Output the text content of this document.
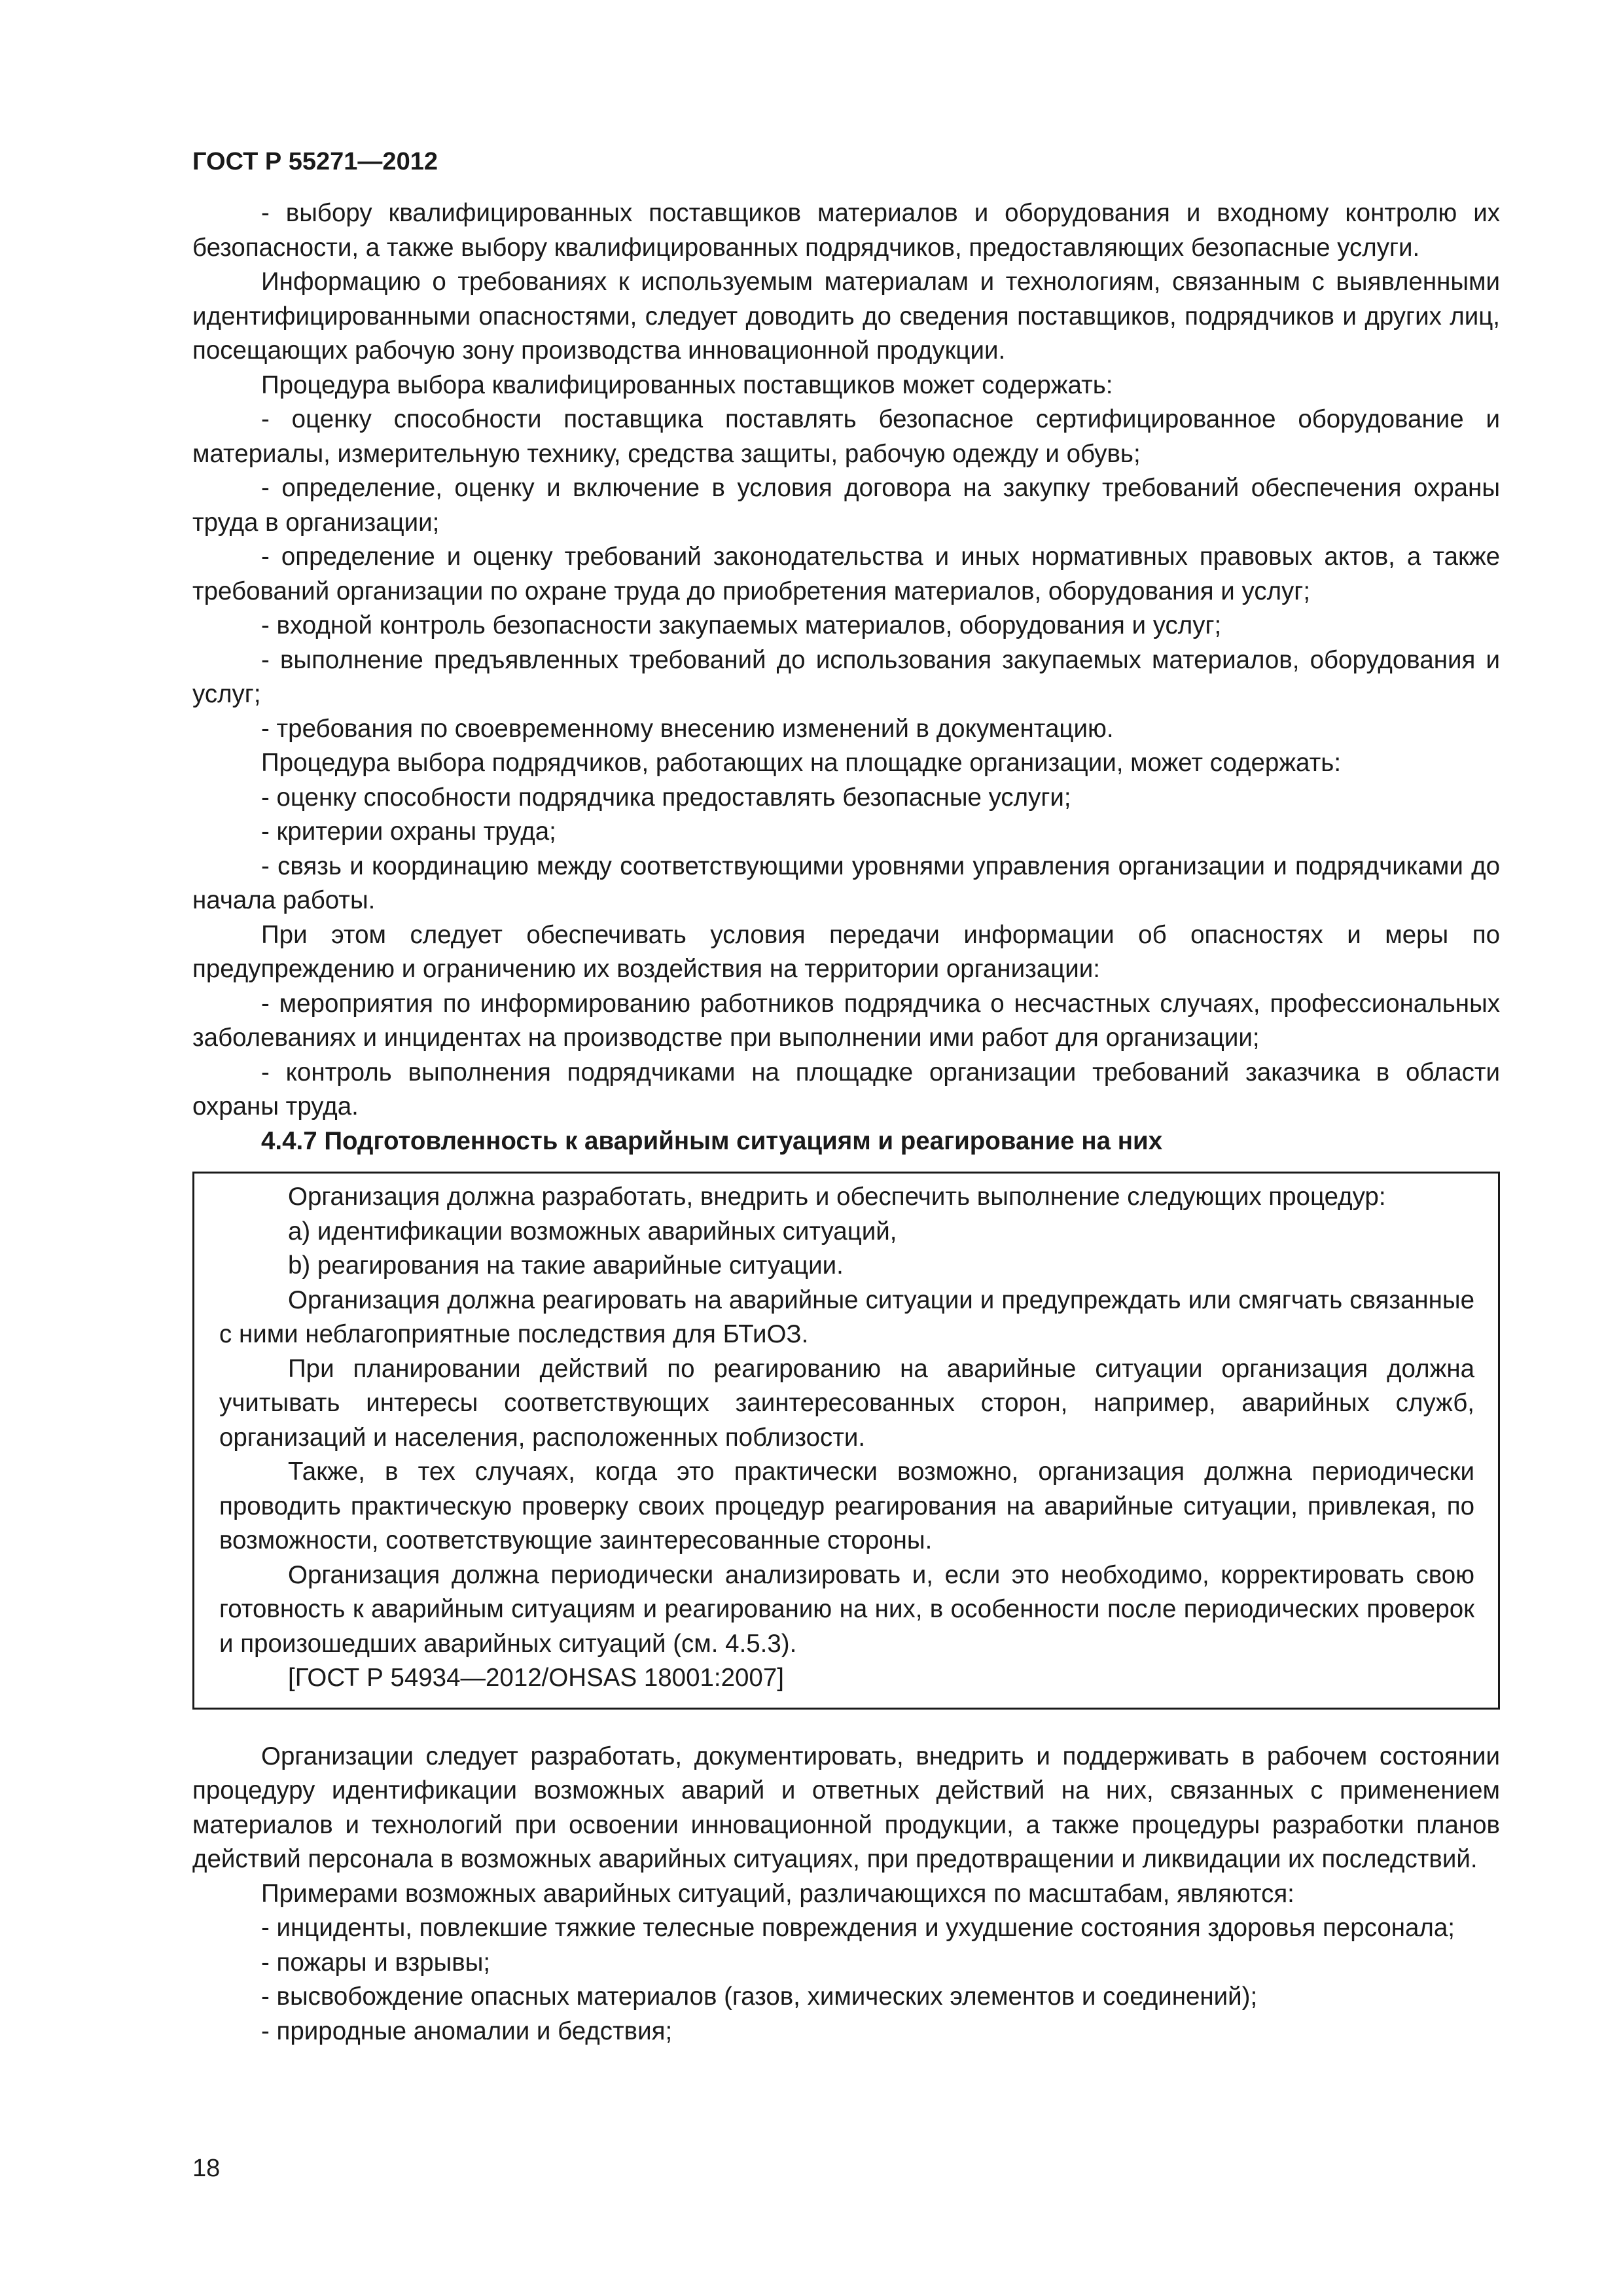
ГОСТ Р 55271—2012

- выбору квалифицированных поставщиков материалов и оборудования и входному контролю их безопасности, а также выбору квалифицированных подрядчиков, предоставляющих безопасные услуги.

Информацию о требованиях к используемым материалам и технологиям, связанным с выявленными идентифицированными опасностями, следует доводить до сведения поставщиков, подрядчиков и других лиц, посещающих рабочую зону производства инновационной продукции.

Процедура выбора квалифицированных поставщиков может содержать:

- оценку способности поставщика поставлять безопасное сертифицированное оборудование и материалы, измерительную технику, средства защиты, рабочую одежду и обувь;

- определение, оценку и включение в условия договора на закупку требований обеспечения охраны труда в организации;

- определение и оценку требований законодательства и иных нормативных правовых актов, а также требований организации по охране труда до приобретения материалов, оборудования и услуг;

- входной контроль безопасности закупаемых материалов, оборудования и услуг;

- выполнение предъявленных требований до использования закупаемых материалов, оборудования и услуг;

- требования по своевременному внесению изменений в документацию.

Процедура выбора подрядчиков, работающих на площадке организации, может содержать:

- оценку способности подрядчика предоставлять безопасные услуги;

- критерии охраны труда;

- связь и координацию между соответствующими уровнями управления организации и подрядчиками до начала работы.

При этом следует обеспечивать условия передачи информации об опасностях и меры по предупреждению и ограничению их воздействия на территории организации:

- мероприятия по информированию работников подрядчика о несчастных случаях, профессиональных заболеваниях и инцидентах на производстве при выполнении ими работ для организации;

- контроль выполнения подрядчиками на площадке организации требований заказчика в области охраны труда.

4.4.7 Подготовленность к аварийным ситуациям и реагирование на них

Организация должна разработать, внедрить и обеспечить выполнение следующих процедур:

a) идентификации возможных аварийных ситуаций,

b) реагирования на такие аварийные ситуации.

Организация должна реагировать на аварийные ситуации и предупреждать или смягчать связанные с ними неблагоприятные последствия для БТиОЗ.

При планировании действий по реагированию на аварийные ситуации организация должна учитывать интересы соответствующих заинтересованных сторон, например, аварийных служб, организаций и населения, расположенных поблизости.

Также, в тех случаях, когда это практически возможно, организация должна периодически проводить практическую проверку своих процедур реагирования на аварийные ситуации, привлекая, по возможности, соответствующие заинтересованные стороны.

Организация должна периодически анализировать и, если это необходимо, корректировать свою готовность к аварийным ситуациям и реагированию на них, в особенности после периодических проверок и произошедших аварийных ситуаций (см. 4.5.3).

[ГОСТ Р 54934—2012/OHSAS 18001:2007]

Организации следует разработать, документировать, внедрить и поддерживать в рабочем состоянии процедуру идентификации возможных аварий и ответных действий на них, связанных с применением материалов и технологий при освоении инновационной продукции, а также процедуры разработки планов действий персонала в возможных аварийных ситуациях, при предотвращении и ликвидации их последствий.

Примерами возможных аварийных ситуаций, различающихся по масштабам, являются:

- инциденты, повлекшие тяжкие телесные повреждения и ухудшение состояния здоровья персонала;

- пожары и взрывы;

- высвобождение опасных материалов (газов, химических элементов и соединений);

- природные аномалии и бедствия;

18
